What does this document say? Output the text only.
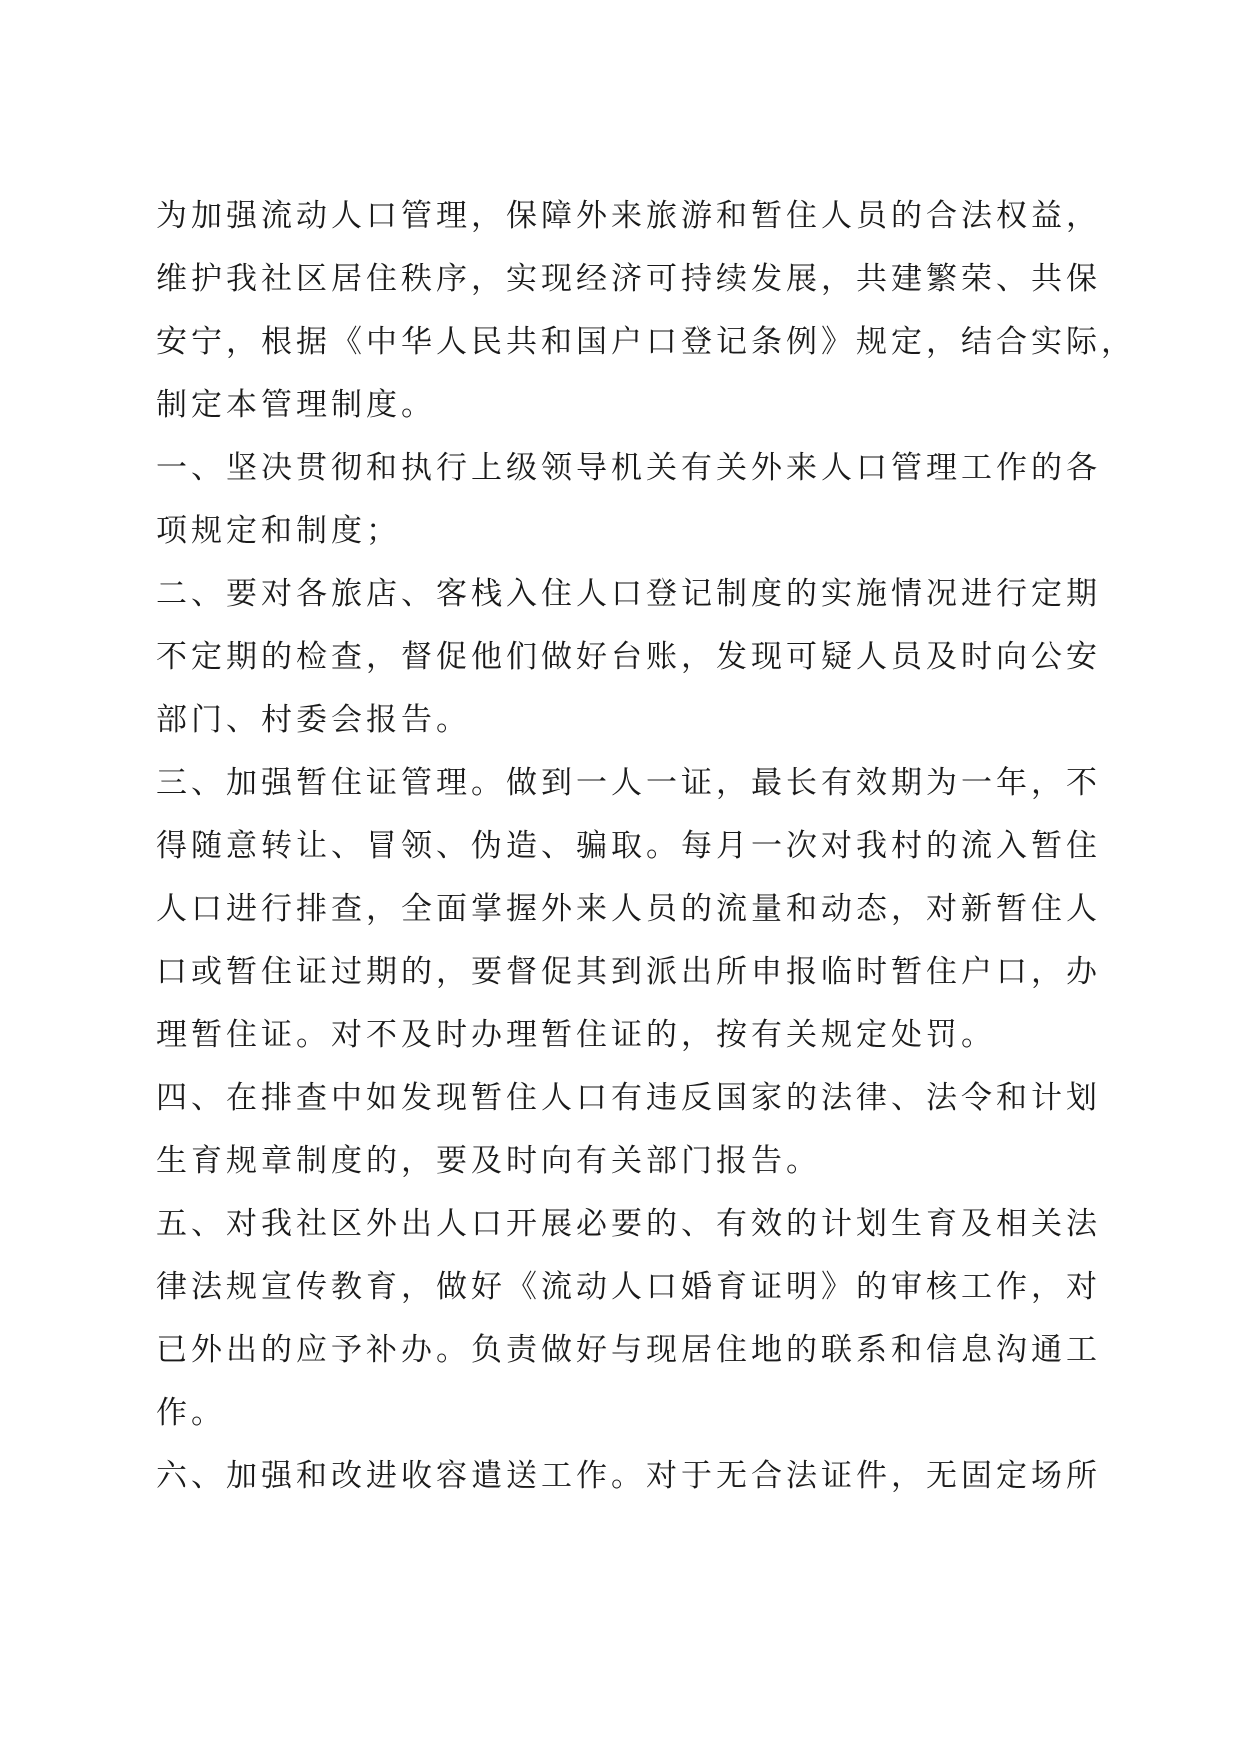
为加强流动人口管理，保障外来旅游和暂住人员的合法权益，

维护我社区居住秩序，实现经济可持续发展，共建繁荣、共保

安宁，根据《中华人民共和国户口登记条例》规定，结合实际，

制定本管理制度。

一、坚决贯彻和执行上级领导机关有关外来人口管理工作的各

项规定和制度；

二、要对各旅店、客栈入住人口登记制度的实施情况进行定期

不定期的检查，督促他们做好台账，发现可疑人员及时向公安

部门、村委会报告。

三、加强暂住证管理。做到一人一证，最长有效期为一年，不

得随意转让、冒领、伪造、骗取。每月一次对我村的流入暂住

人口进行排查，全面掌握外来人员的流量和动态，对新暂住人

口或暂住证过期的，要督促其到派出所申报临时暂住户口，办

理暂住证。对不及时办理暂住证的，按有关规定处罚。

四、在排查中如发现暂住人口有违反国家的法律、法令和计划

生育规章制度的，要及时向有关部门报告。

五、对我社区外出人口开展必要的、有效的计划生育及相关法

律法规宣传教育，做好《流动人口婚育证明》的审核工作，对

已外出的应予补办。负责做好与现居住地的联系和信息沟通工

作。

六、加强和改进收容遣送工作。对于无合法证件，无固定场所
